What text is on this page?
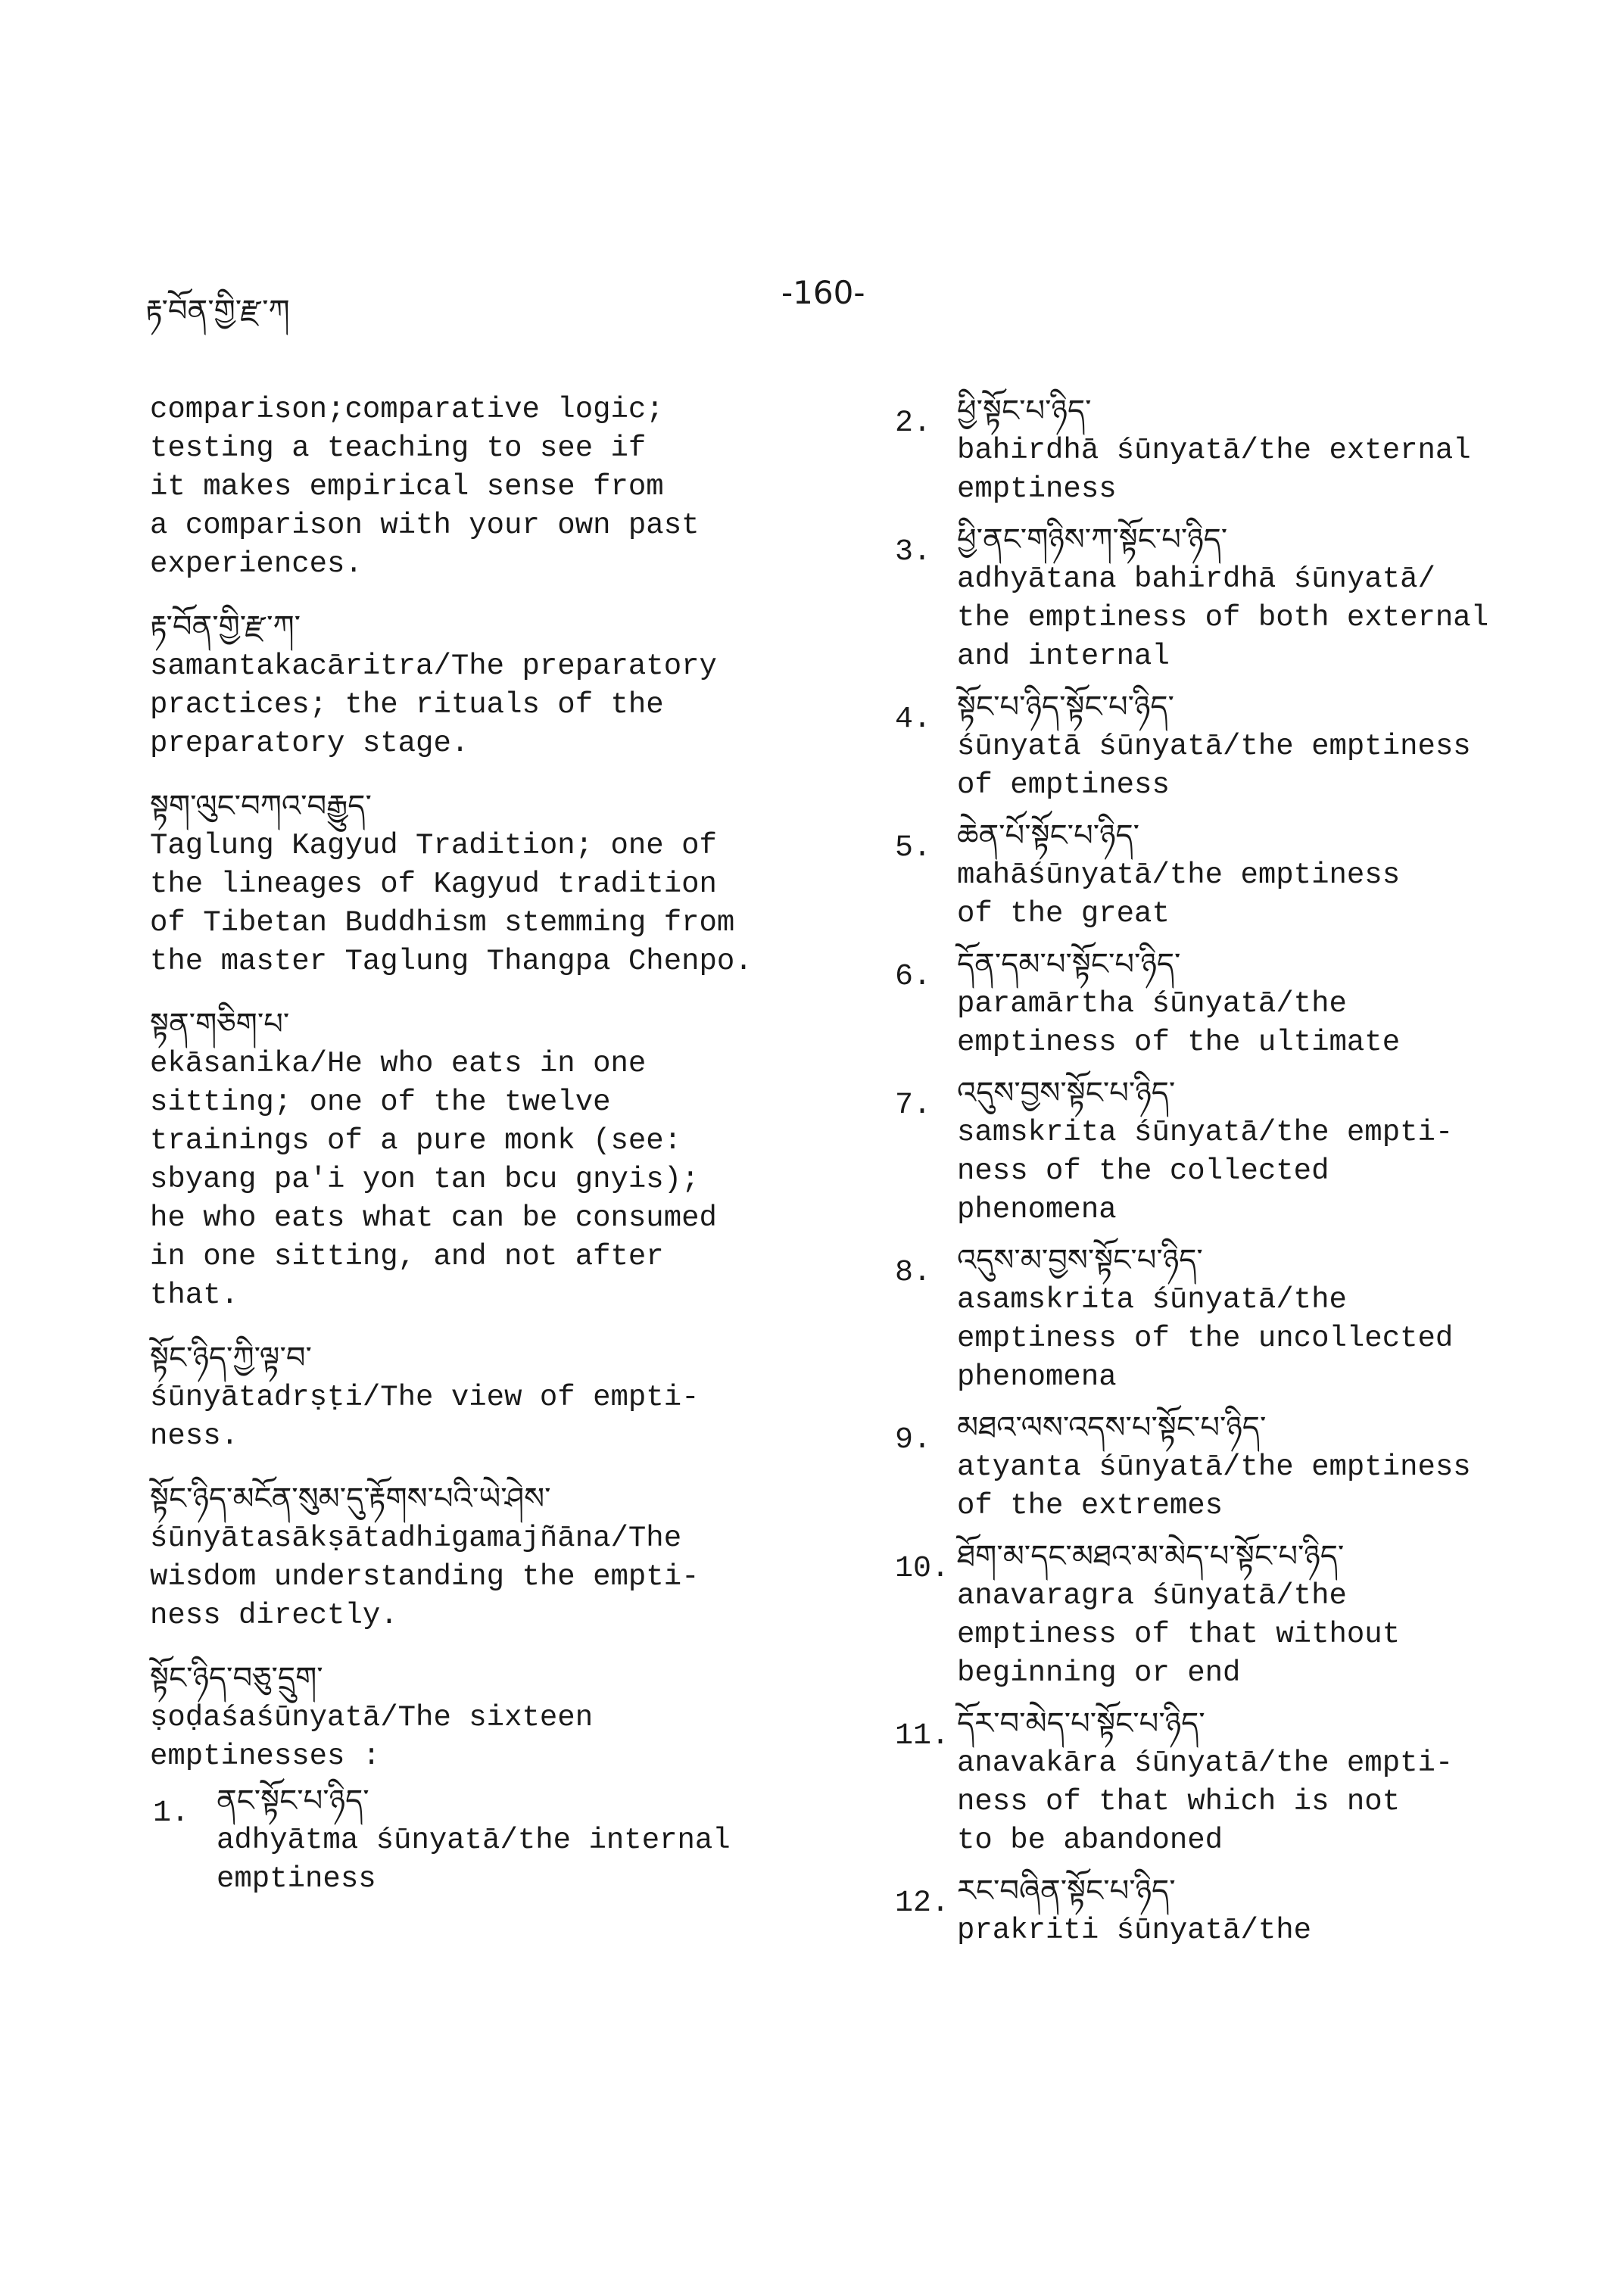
རྟ་བོན་གྱི་རྫ་ཀ	-160-
comparison;comparative logic;
testing a teaching to see if
it makes empirical sense from
a comparison with your own past
experiences.
རྟ་བོན་གྱི་རྫ་ཀ་
samantakacāritra/The preparatory
practices; the rituals of the
preparatory stage.
སྟག་ལུང་བཀའ་བརྒྱུད་
Taglung Kagyud Tradition; one of
the lineages of Kagyud tradition
of Tibetan Buddhism stemming from
the master Taglung Thangpa Chenpo.
སྟན་གཅིག་པ་
ekāsanika/He who eats in one
sitting; one of the twelve
trainings of a pure monk (see:
sbyang pa'i yon tan bcu gnyis);
he who eats what can be consumed
in one sitting, and not after
that.
སྟོང་ཉིད་ཀྱི་ལྟ་བ་
śūnyātadrṣṭi/The view of empti-
ness.
སྟོང་ཉིད་མངོན་སུམ་དུ་རྟོགས་པའི་ཡེ་ཤེས་
śūnyātasākṣātadhigamajñāna/The
wisdom understanding the empti-
ness directly.
སྟོང་ཉིད་བཅུ་དྲུག་
ṣoḍaśaśūnyatā/The sixteen
emptinesses :
1. ནང་སྟོང་པ་ཉིད་
adhyātma śūnyatā/the internal
emptiness
2. ཕྱི་སྟོང་པ་ཉིད་
bahirdhā śūnyatā/the external
emptiness
3. ཕྱི་ནང་གཉིས་ཀ་སྟོང་པ་ཉིད་
adhyātana bahirdhā śūnyatā/
the emptiness of both external
and internal
4. སྟོང་པ་ཉིད་སྟོང་པ་ཉིད་
śūnyatā śūnyatā/the emptiness
of emptiness
5. ཆེན་པོ་སྟོང་པ་ཉིད་
mahāśūnyatā/the emptiness
of the great
6. དོན་དམ་པ་སྟོང་པ་ཉིད་
paramārtha śūnyatā/the
emptiness of the ultimate
7. འདུས་བྱས་སྟོང་པ་ཉིད་
samskrita śūnyatā/the empti-
ness of the collected
phenomena
8. འདུས་མ་བྱས་སྟོང་པ་ཉིད་
asamskrita śūnyatā/the
emptiness of the uncollected
phenomena
9. མཐའ་ལས་འདས་པ་སྟོང་པ་ཉིད་
atyanta śūnyatā/the emptiness
of the extremes
10. ཐོག་མ་དང་མཐའ་མ་མེད་པ་སྟོང་པ་ཉིད་
anavaragra śūnyatā/the
emptiness of that without
beginning or end
11. དོར་བ་མེད་པ་སྟོང་པ་ཉིད་
anavakāra śūnyatā/the empti-
ness of that which is not
to be abandoned
12. རང་བཞིན་སྟོང་པ་ཉིད་
prakriti śūnyatā/the
